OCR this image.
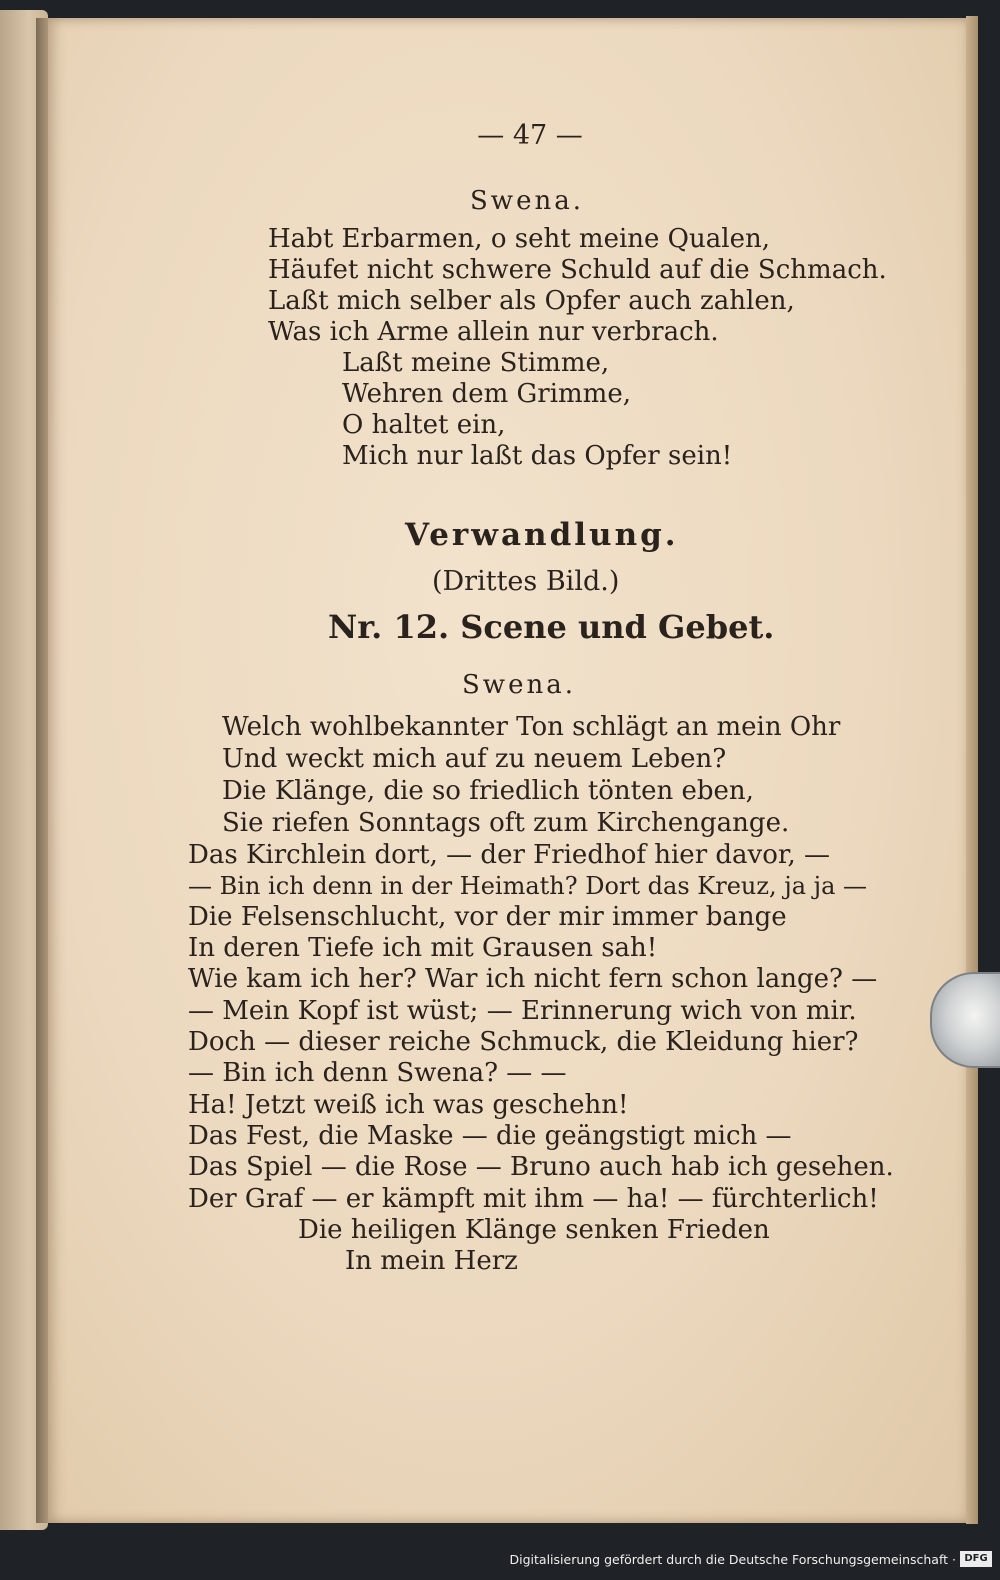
— 47 —
Swena.
Habt Erbarmen, o seht meine Qualen,
Häufet nicht schwere Schuld auf die Schmach.
Laßt mich selber als Opfer auch zahlen,
Was ich Arme allein nur verbrach.
Laßt meine Stimme,
Wehren dem Grimme,
O haltet ein,
Mich nur laßt das Opfer sein!
Verwandlung.
(Drittes Bild.)
Nr. 12. Scene und Gebet.
Swena.
Welch wohlbekannter Ton schlägt an mein Ohr
Und weckt mich auf zu neuem Leben?
Die Klänge, die so friedlich tönten eben,
Sie riefen Sonntags oft zum Kirchengange.
Das Kirchlein dort, — der Friedhof hier davor, —
— Bin ich denn in der Heimath? Dort das Kreuz, ja ja —
Die Felsenschlucht, vor der mir immer bange
In deren Tiefe ich mit Grausen sah!
Wie kam ich her? War ich nicht fern schon lange? —
— Mein Kopf ist wüst; — Erinnerung wich von mir.
Doch — dieser reiche Schmuck, die Kleidung hier?
— Bin ich denn Swena? — —
Ha! Jetzt weiß ich was geschehn!
Das Fest, die Maske — die geängstigt mich —
Das Spiel — die Rose — Bruno auch hab ich gesehen.
Der Graf — er kämpft mit ihm — ha! — fürchterlich!
Die heiligen Klänge senken Frieden
In mein Herz
Digitalisierung gefördert durch die Deutsche Forschungsgemeinschaft · DFG
